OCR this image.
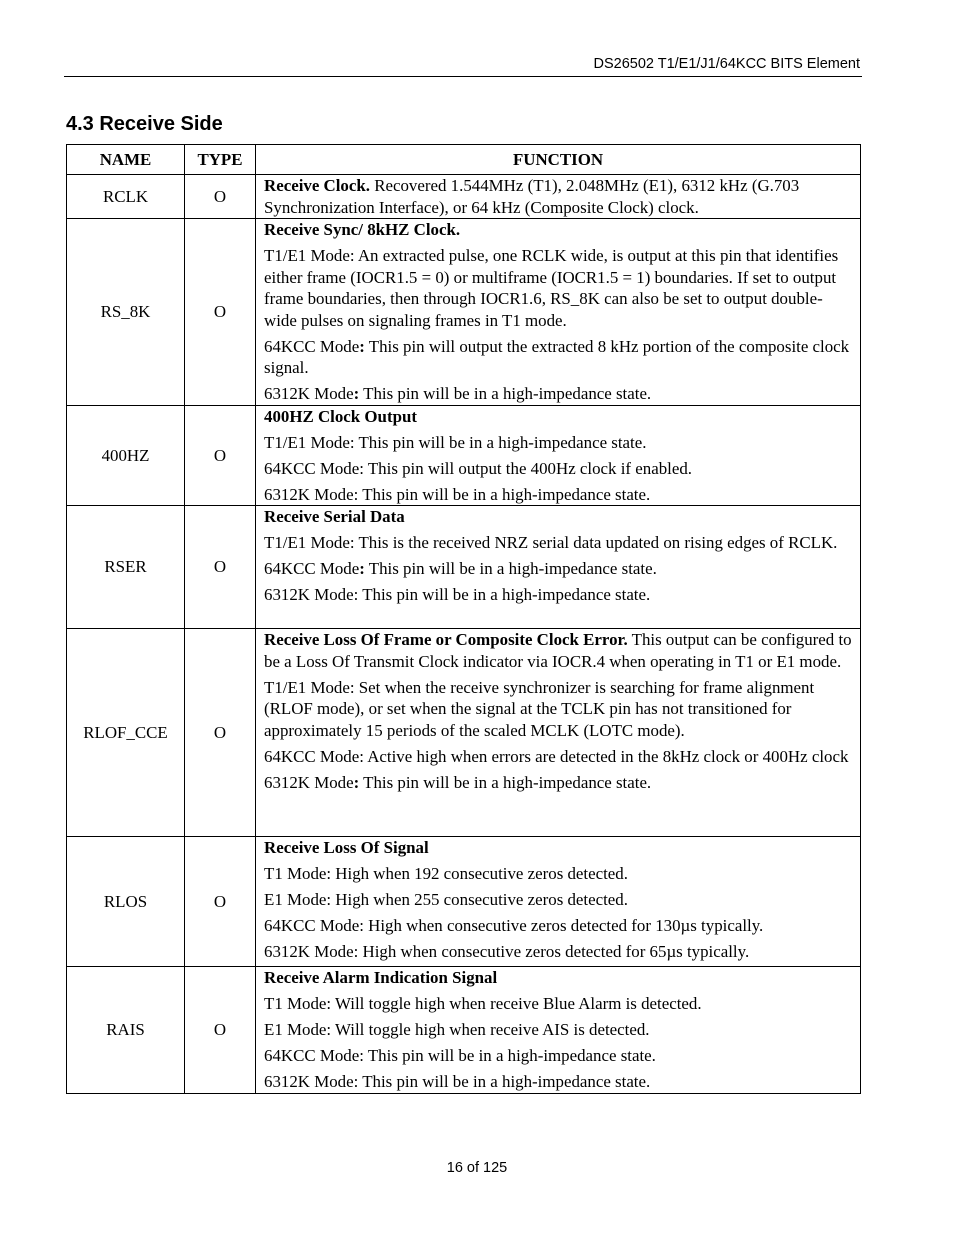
DS26502 T1/E1/J1/64KCC BITS Element
4.3 Receive Side
NAME	TYPE	FUNCTION
RCLK	O	Receive Clock. Recovered 1.544MHz (T1), 2.048MHz (E1), 6312 kHz (G.703 Synchronization Interface), or 64 kHz (Composite Clock) clock.

RS_8K	O	Receive Sync/ 8kHZ Clock.

T1/E1 Mode: An extracted pulse, one RCLK wide, is output at this pin that identifies either frame (IOCR1.5 = 0) or multiframe (IOCR1.5 = 1) boundaries. If set to output frame boundaries, then through IOCR1.6, RS_8K can also be set to output double-wide pulses on signaling frames in T1 mode.

64KCC Mode: This pin will output the extracted 8 kHz portion of the composite clock signal.

6312K Mode: This pin will be in a high-impedance state.

400HZ	O	400HZ Clock Output

T1/E1 Mode: This pin will be in a high-impedance state.

64KCC Mode: This pin will output the 400Hz clock if enabled.

6312K Mode: This pin will be in a high-impedance state.

RSER	O	Receive Serial Data

T1/E1 Mode: This is the received NRZ serial data updated on rising edges of RCLK.

64KCC Mode: This pin will be in a high-impedance state.

6312K Mode: This pin will be in a high-impedance state.

RLOF_CCE	O	Receive Loss Of Frame or Composite Clock Error. This output can be configured to be a Loss Of Transmit Clock indicator via IOCR.4 when operating in T1 or E1 mode.

T1/E1 Mode: Set when the receive synchronizer is searching for frame alignment (RLOF mode), or set when the signal at the TCLK pin has not transitioned for approximately 15 periods of the scaled MCLK (LOTC mode).

64KCC Mode: Active high when errors are detected in the 8kHz clock or 400Hz clock

6312K Mode: This pin will be in a high-impedance state.

RLOS	O	Receive Loss Of Signal

T1 Mode: High when 192 consecutive zeros detected.

E1 Mode: High when 255 consecutive zeros detected.

64KCC Mode: High when consecutive zeros detected for 130µs typically.

6312K Mode: High when consecutive zeros detected for 65µs typically.

RAIS	O	Receive Alarm Indication Signal

T1 Mode: Will toggle high when receive Blue Alarm is detected.

E1 Mode: Will toggle high when receive AIS is detected.

64KCC Mode: This pin will be in a high-impedance state.

6312K Mode: This pin will be in a high-impedance state.

16 of 125
